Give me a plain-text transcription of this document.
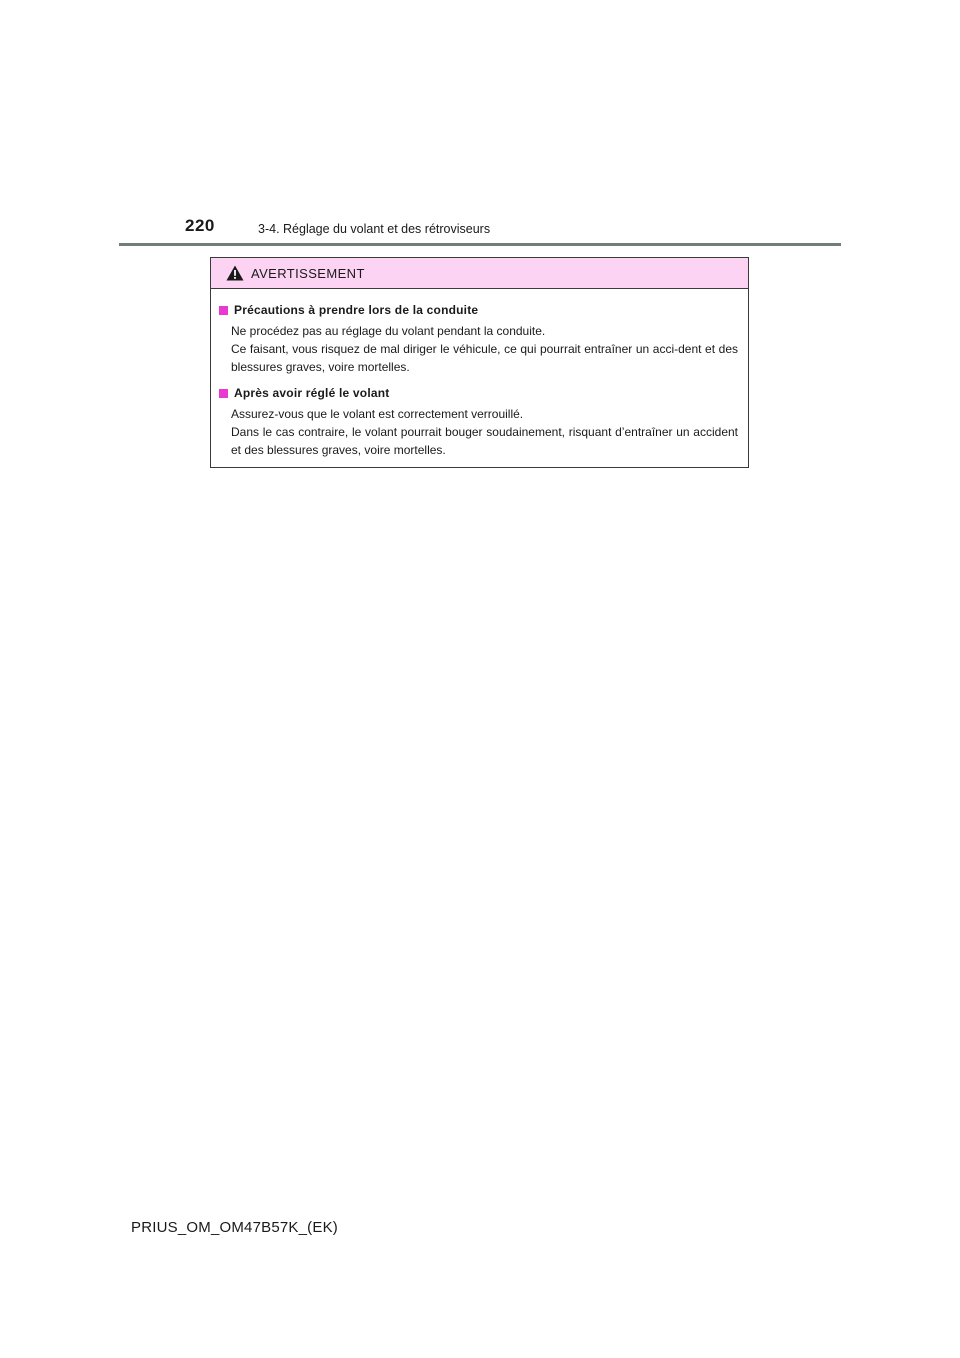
220	3-4. Réglage du volant et des rétroviseurs
AVERTISSEMENT
Précautions à prendre lors de la conduite

Ne procédez pas au réglage du volant pendant la conduite.

Ce faisant, vous risquez de mal diriger le véhicule, ce qui pourrait entraîner un acci-dent et des blessures graves, voire mortelles.

Après avoir réglé le volant

Assurez-vous que le volant est correctement verrouillé.

Dans le cas contraire, le volant pourrait bouger soudainement, risquant d’entraîner un accident et des blessures graves, voire mortelles.

PRIUS_OM_OM47B57K_(EK)
